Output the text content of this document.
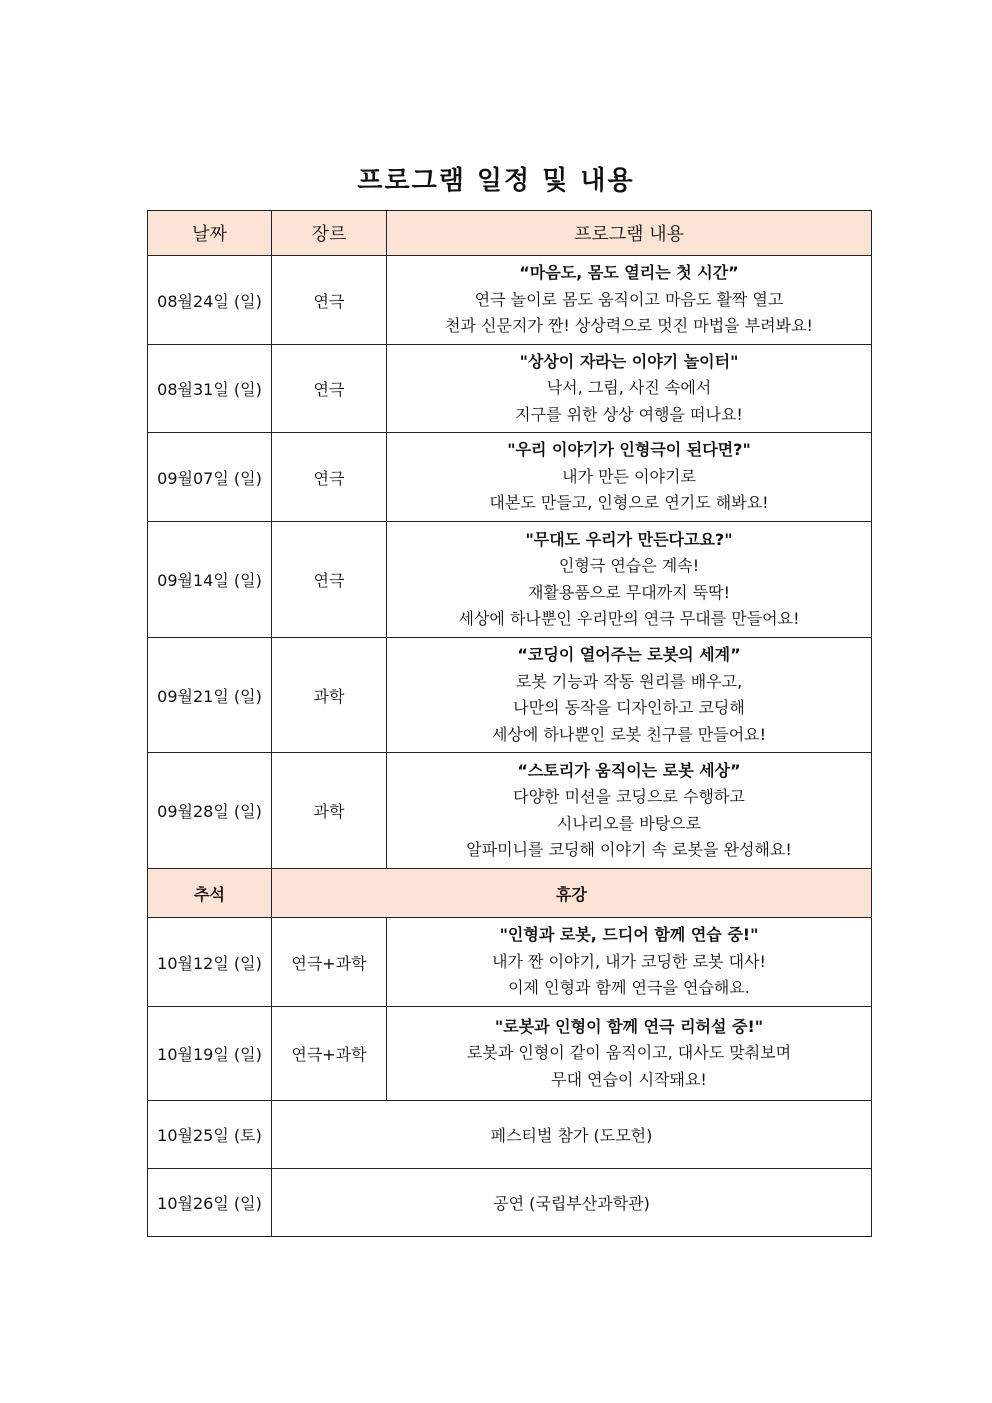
프로그램 일정 및 내용
날짜	장르	프로그램 내용
08월24일 (일)	연극	“마음도, 몸도 열리는 첫 시간”
연극 놀이로 몸도 움직이고 마음도 활짝 열고
천과 신문지가 짠! 상상력으로 멋진 마법을 부려봐요!

08월31일 (일)	연극	"상상이 자라는 이야기 놀이터"
낙서, 그림, 사진 속에서
지구를 위한 상상 여행을 떠나요!

09월07일 (일)	연극	"우리 이야기가 인형극이 된다면?"
내가 만든 이야기로
대본도 만들고, 인형으로 연기도 해봐요!

09월14일 (일)	연극	"무대도 우리가 만든다고요?"
인형극 연습은 계속!
재활용품으로 무대까지 뚝딱!
세상에 하나뿐인 우리만의 연극 무대를 만들어요!

09월21일 (일)	과학	“코딩이 열어주는 로봇의 세계”
로봇 기능과 작동 원리를 배우고,
나만의 동작을 디자인하고 코딩해
세상에 하나뿐인 로봇 친구를 만들어요!

09월28일 (일)	과학	“스토리가 움직이는 로봇 세상”
다양한 미션을 코딩으로 수행하고
시나리오를 바탕으로
알파미니를 코딩해 이야기 속 로봇을 완성해요!

추석	휴강	
10월12일 (일)	연극+과학	"인형과 로봇, 드디어 함께 연습 중!"
내가 짠 이야기, 내가 코딩한 로봇 대사!
이제 인형과 함께 연극을 연습해요.

10월19일 (일)	연극+과학	"로봇과 인형이 함께 연극 리허설 중!"
로봇과 인형이 같이 움직이고, 대사도 맞춰보며
무대 연습이 시작돼요!

10월25일 (토)	페스티벌 참가 (도모헌)	
10월26일 (일)	공연 (국립부산과학관)	
